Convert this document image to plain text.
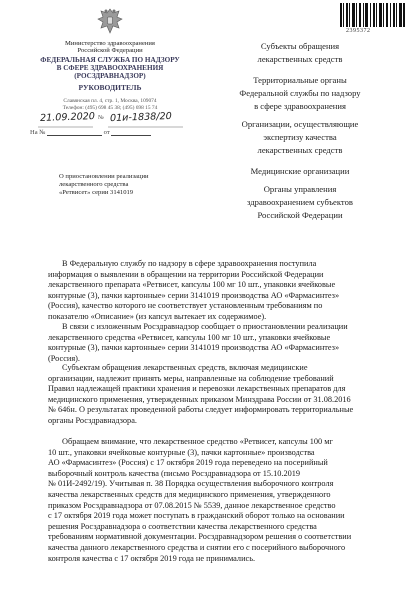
Министерство здравоохранения
Российской Федерации
ФЕДЕРАЛЬНАЯ СЛУЖБА ПО НАДЗОРУ
В СФЕРЕ ЗДРАВООХРАНЕНИЯ
(РОСЗДРАВНАДЗОР)
РУКОВОДИТЕЛЬ
Славянская пл. 4, стр. 1, Москва, 109074
Телефон: (495) 698 45 38; (495) 698 15 74
21.09.2020 № 01и-1838/20
На №	от
О приостановлении реализации
лекарственного средства
«Ретвисет» серии 3141019
2395372
Субъекты обращения
лекарственных средств
Территориальные органы
Федеральной службы по надзору
в сфере здравоохранения
Организации, осуществляющие
экспертизу качества
лекарственных средств
Медицинские организации
Органы управления
здравоохранением субъектов
Российской Федерации
В Федеральную службу по надзору в сфере здравоохранения поступила
информация о выявлении в обращении на территории Российской Федерации
лекарственного препарата «Ретвисет, капсулы 100 мг 10 шт., упаковки ячейковые
контурные (3), пачки картонные» серии 3141019 производства АО «Фармасинтез»
(Россия), качество которого не соответствует установленным требованиям по
показателю «Описание» (из капсул вытекает их содержимое).
В связи с изложенным Росздравнадзор сообщает о приостановлении реализации
лекарственного средства «Ретвисет, капсулы 100 мг 10 шт., упаковки ячейковые
контурные (3), пачки картонные» серии 3141019 производства АО «Фармасинтез»
(Россия).
Субъектам обращения лекарственных средств, включая медицинские
организации, надлежит принять меры, направленные на соблюдение требований
Правил надлежащей практики хранения и перевозки лекарственных препаратов для
медицинского применения, утвержденных приказом Минздрава России от 31.08.2016
№ 646н. О результатах проведенной работы следует информировать территориальные
органы Росздравнадзора.
Обращаем внимание, что лекарственное средство «Ретвисет, капсулы 100 мг
10 шт., упаковки ячейковые контурные (3), пачки картонные» производства
АО «Фармасинтез» (Россия) с 17 октября 2019 года переведено на посерийный
выборочный контроль качества (письмо Росздравнадзора от 15.10.2019
№ 01И-2492/19). Учитывая п. 38 Порядка осуществления выборочного контроля
качества лекарственных средств для медицинского применения, утвержденного
приказом Росздравнадзора от 07.08.2015 № 5539, данное лекарственное средство
с 17 октября 2019 года может поступать в гражданский оборот только на основании
решения Росздравнадзора о соответствии качества лекарственного средства
требованиям нормативной документации. Росздравнадзором решения о соответствии
качества данного лекарственного средства и снятии его с посерийного выборочного
контроля качества с 17 октября 2019 года не принимались.
